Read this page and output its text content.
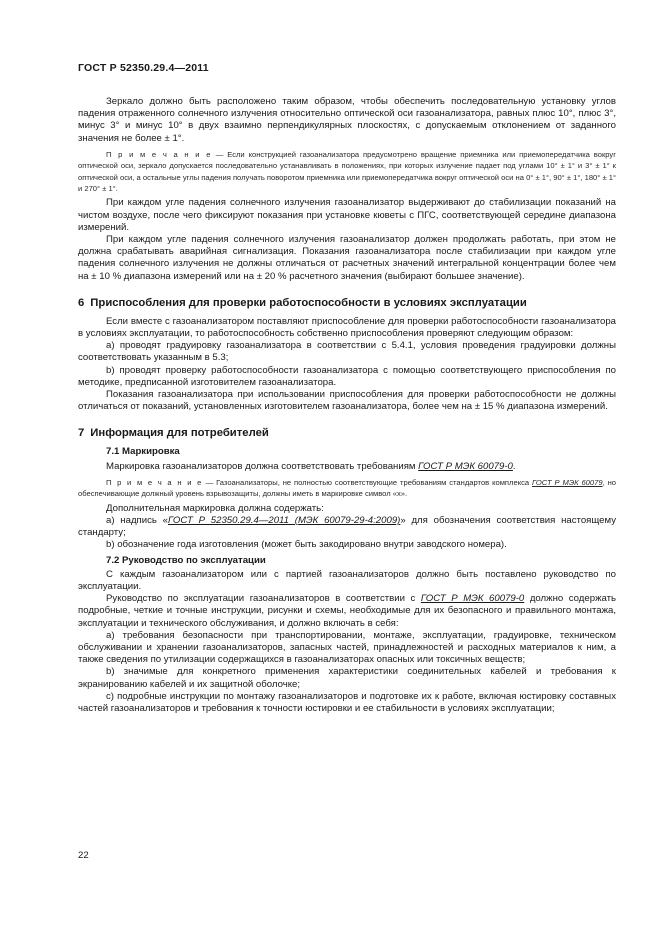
ГОСТ Р 52350.29.4—2011

Зеркало должно быть расположено таким образом, чтобы обеспечить последовательную установку углов падения отраженного солнечного излучения относительно оптической оси газоанализатора, равных плюс 10°, плюс 3°, минус 3° и минус 10° в двух взаимно перпендикулярных плоскостях, с допускаемым отклонением от заданного значения не более ± 1°.

П р и м е ч а н и е — Если конструкцией газоанализатора предусмотрено вращение приемника или приемопередатчика вокруг оптической оси, зеркало допускается последовательно устанавливать в положениях, при которых излучение падает под углами 10° ± 1° и 3° ± 1° к оптической оси, а остальные углы падения получать поворотом приемника или приемопередатчика вокруг оптической оси на 0° ± 1°, 90° ± 1°, 180° ± 1° и 270° ± 1°.

При каждом угле падения солнечного излучения газоанализатор выдерживают до стабилизации показаний на чистом воздухе, после чего фиксируют показания при установке кюветы с ПГС, соответствующей середине диапазона измерений.

При каждом угле падения солнечного излучения газоанализатор должен продолжать работать, при этом не должна срабатывать аварийная сигнализация. Показания газоанализатора после стабилизации при каждом угле падения солнечного излучения не должны отличаться от расчетных значений интегральной концентрации более чем на ± 10 % диапазона измерений или на ± 20 % расчетного значения (выбирают большее значение).

6 Приспособления для проверки работоспособности в условиях эксплуатации

Если вместе с газоанализатором поставляют приспособление для проверки работоспособности газоанализатора в условиях эксплуатации, то работоспособность собственно приспособления проверяют следующим образом:

a) проводят градуировку газоанализатора в соответствии с 5.4.1, условия проведения градуировки должны соответствовать указанным в 5.3;

b) проводят проверку работоспособности газоанализатора с помощью соответствующего приспособления по методике, предписанной изготовителем газоанализатора.

Показания газоанализатора при использовании приспособления для проверки работоспособности не должны отличаться от показаний, установленных изготовителем газоанализатора, более чем на ± 15 % диапазона измерений.

7 Информация для потребителей
7.1 Маркировка

Маркировка газоанализаторов должна соответствовать требованиям ГОСТ Р МЭК 60079-0.

П р и м е ч а н и е — Газоанализаторы, не полностью соответствующие требованиям стандартов комплекса ГОСТ Р МЭК 60079, но обеспечивающие должный уровень взрывозащиты, должны иметь в маркировке символ «х».

Дополнительная маркировка должна содержать:

a) надпись «ГОСТ Р 52350.29.4—2011 (МЭК 60079-29-4:2009)» для обозначения соответствия настоящему стандарту;

b) обозначение года изготовления (может быть закодировано внутри заводского номера).

7.2 Руководство по эксплуатации

С каждым газоанализатором или с партией газоанализаторов должно быть поставлено руководство по эксплуатации.

Руководство по эксплуатации газоанализаторов в соответствии с ГОСТ Р МЭК 60079-0 должно содержать подробные, четкие и точные инструкции, рисунки и схемы, необходимые для их безопасного и правильного монтажа, эксплуатации и технического обслуживания, и должно включать в себя:

a) требования безопасности при транспортировании, монтаже, эксплуатации, градуировке, техническом обслуживании и хранении газоанализаторов, запасных частей, принадлежностей и расходных материалов к ним, а также сведения по утилизации содержащихся в газоанализаторах опасных или токсичных веществ;

b) значимые для конкретного применения характеристики соединительных кабелей и требования к экранированию кабелей и их защитной оболочке;

c) подробные инструкции по монтажу газоанализаторов и подготовке их к работе, включая юстировку составных частей газоанализаторов и требования к точности юстировки и ее стабильности в условиях эксплуатации;

22
